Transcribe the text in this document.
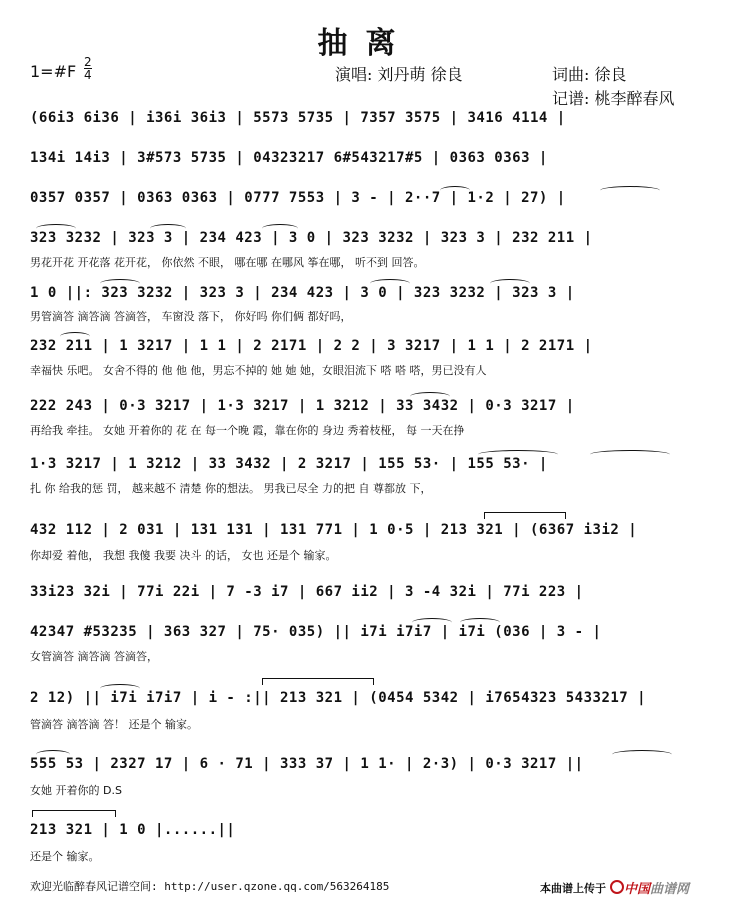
抽离
1=#F 2
4	演唱: 刘丹萌 徐良	词曲: 徐良
记谱: 桃李醉春风
(66i3 6i36 | i36i 36i3 | 5573 5735 | 7357 3575 | 3416 4114 |
134i 14i3 | 3#573 5735 | 04323217 6#543217#5 | 0363 0363 |
0357 0357 | 0363 0363 | 0777 7553 | 3 - | 2··7 | 1·2 | 27) |
323 3232 | 323 3 | 234 423 | 3 0 | 323 3232 | 323 3 | 232 211 |
男花开花 开花落 花开花， 你依然 不眼， 哪在哪 在哪风 筝在哪， 听不到 回答。
1 0 ||: 323 3232 | 323 3 | 234 423 | 3 0 | 323 3232 | 323 3 |
男管滴答 滴答滴 答滴答， 车窗没 落下， 你好吗 你们俩 都好吗，
232 211 | 1 3217 | 1 1 | 2 2171 | 2 2 | 3 3217 | 1 1 | 2 2171 |
幸福快 乐吧。 女舍不得的 他 他 他，男忘不掉的 她 她 她，女眼泪流下 嗒 嗒 嗒，男已没有人
222 243 | 0·3 3217 | 1·3 3217 | 1 3212 | 33 3432 | 0·3 3217 |
再给我 牵挂。 女她 开着你的 花 在 每一个晚 霞，靠在你的 身边 秀着枝桠， 每 一天在挣
1·3 3217 | 1 3212 | 33 3432 | 2 3217 | 155 53· | 155 53· |
扎 你 给我的惩 罚， 越来越不 清楚 你的想法。 男我已尽全 力的把 自 尊都放 下，
432 112 | 2 031 | 131 131 | 131 771 | 1 0·5 | 213 321 | (6367 i3i2 |
你却爱 着他， 我想 我傻 我要 决斗 的话， 女也 还是个 输家。
33i23 32i | 77i 22i | 7 -3 i7 | 667 ii2 | 3 -4 32i | 77i 223 |
42347 #53235 | 363 327 | 75· 035) || i7i i7i7 | i7i (036 | 3 - |
女管滴答 滴答滴 答滴答，
2 12) || i7i i7i7 | i - :|| 213 321 | (0454 5342 | i7654323 5433217 |
管滴答 滴答滴 答！ 还是个 输家。
555 53 | 2327 17 | 6 · 71 | 333 37 | 1 1· | 2·3) | 0·3 3217 ||
女她 开着你的 D.S
213 321 | 1 0 |......||
还是个 输家。
欢迎光临醉春风记谱空间: http://user.qzone.qq.com/563264185	本曲谱上传于 中国曲谱网
